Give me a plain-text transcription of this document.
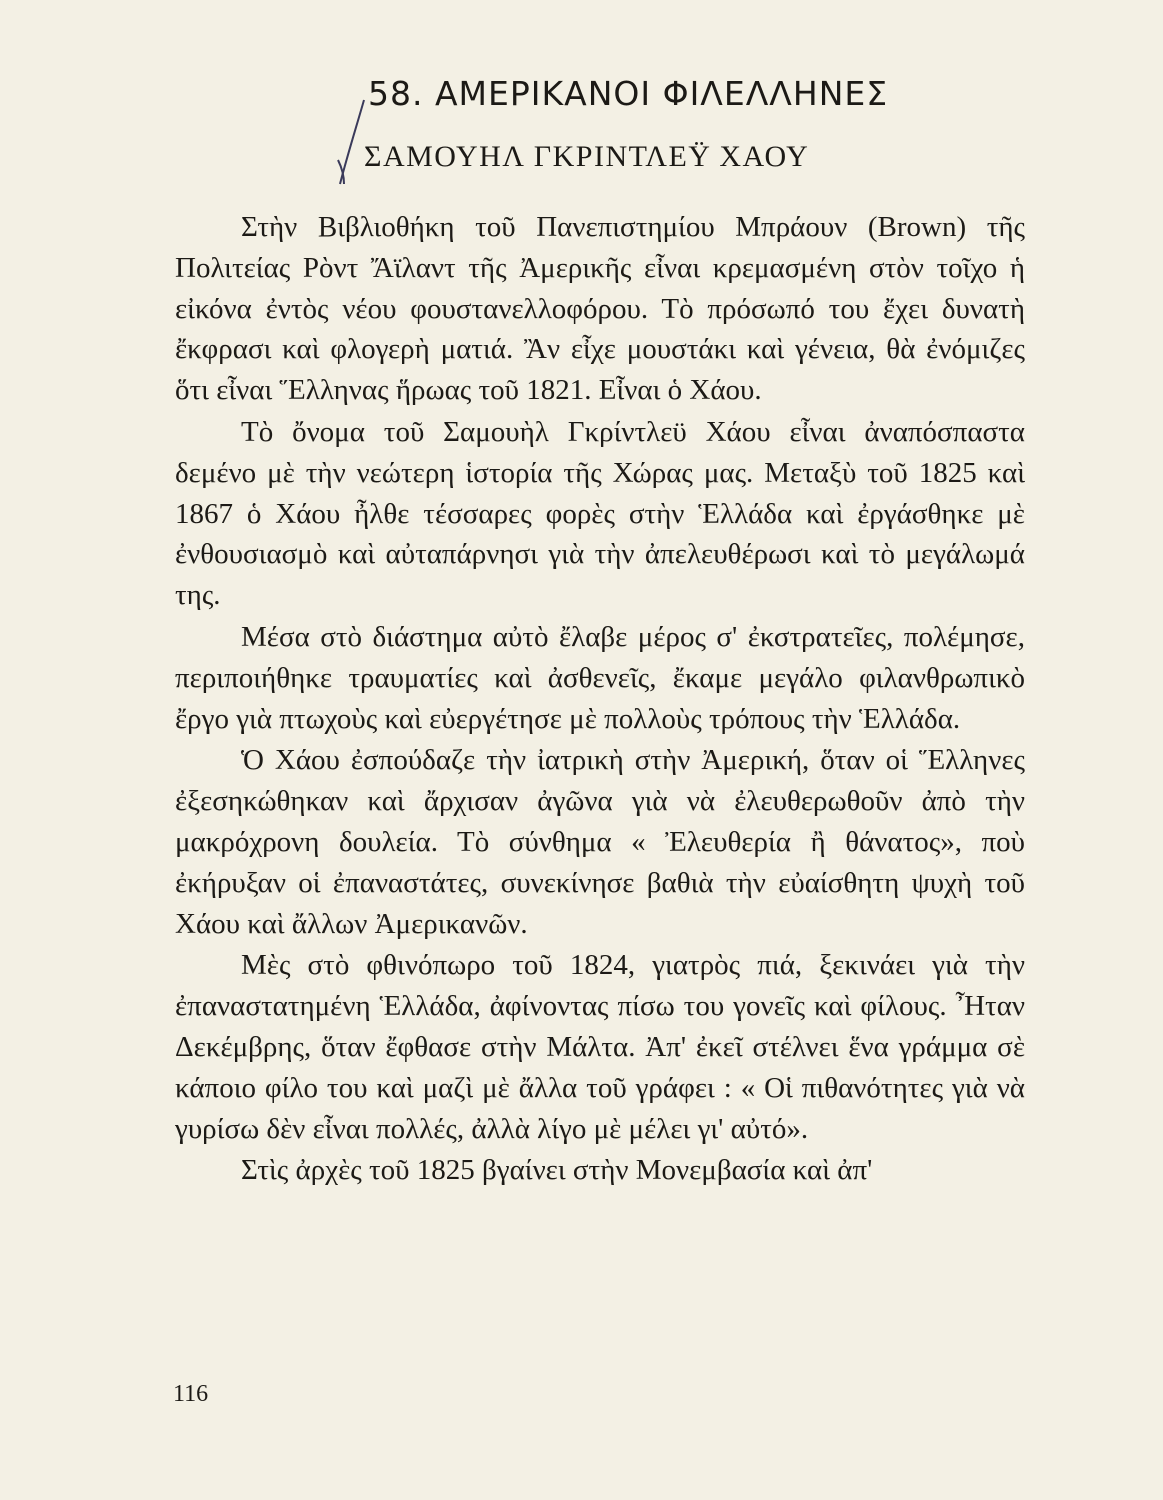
58. ΑΜΕΡΙΚΑΝΟΙ ΦΙΛΕΛΛΗΝΕΣ
ΣΑΜΟΥΗΛ ΓΚΡΙΝΤΛΕΫ ΧΑΟΥ

Στὴν Βιβλιοθήκη τοῦ Πανεπιστημίου Μπράουν (Brown) τῆς Πολιτείας Ρὸντ Ἄϊλαντ τῆς Ἀμερικῆς εἶναι κρεμασμένη στὸν τοῖχο ἡ εἰκόνα ἐντὸς νέου φουστανελλοφόρου. Τὸ πρόσωπό του ἔχει δυνατὴ ἔκφρασι καὶ φλογερὴ ματιά. Ἂν εἶχε μουστάκι καὶ γένεια, θὰ ἐνόμιζες ὅτι εἶναι Ἕλληνας ἥρωας τοῦ 1821. Εἶναι ὁ Χάου.

Τὸ ὄνομα τοῦ Σαμουὴλ Γκρίντλεϋ Χάου εἶναι ἀναπόσπαστα δεμένο μὲ τὴν νεώτερη ἱστορία τῆς Χώρας μας. Μεταξὺ τοῦ 1825 καὶ 1867 ὁ Χάου ἦλθε τέσσαρες φορὲς στὴν Ἑλλάδα καὶ ἐργάσθηκε μὲ ἐνθουσιασμὸ καὶ αὐταπάρνησι γιὰ τὴν ἀπελευθέρωσι καὶ τὸ μεγάλωμά της.

Μέσα στὸ διάστημα αὐτὸ ἔλαβε μέρος σ' ἐκστρατεῖες, πολέμησε, περιποιήθηκε τραυματίες καὶ ἀσθενεῖς, ἔκαμε μεγάλο φιλανθρωπικὸ ἔργο γιὰ πτωχοὺς καὶ εὐεργέτησε μὲ πολλοὺς τρόπους τὴν Ἑλλάδα.

Ὁ Χάου ἐσπούδαζε τὴν ἰατρικὴ στὴν Ἀμερική, ὅταν οἱ Ἕλληνες ἐξεσηκώθηκαν καὶ ἄρχισαν ἀγῶνα γιὰ νὰ ἐλευθερωθοῦν ἀπὸ τὴν μακρόχρονη δουλεία. Τὸ σύνθημα « Ἐλευθερία ἢ θάνατος», ποὺ ἐκήρυξαν οἱ ἐπαναστάτες, συνεκίνησε βαθιὰ τὴν εὐαίσθητη ψυχὴ τοῦ Χάου καὶ ἄλλων Ἀμερικανῶν.

Μὲς στὸ φθινόπωρο τοῦ 1824, γιατρὸς πιά, ξεκινάει γιὰ τὴν ἐπαναστατημένη Ἑλλάδα, ἀφίνοντας πίσω του γονεῖς καὶ φίλους. Ἦταν Δεκέμβρης, ὅταν ἔφθασε στὴν Μάλτα. Ἀπ' ἐκεῖ στέλνει ἕνα γράμμα σὲ κάποιο φίλο του καὶ μαζὶ μὲ ἄλλα τοῦ γράφει : « Οἱ πιθανότητες γιὰ νὰ γυρίσω δὲν εἶναι πολλές, ἀλλὰ λίγο μὲ μέλει γι' αὐτό».

Στὶς ἀρχὲς τοῦ 1825 βγαίνει στὴν Μονεμβασία καὶ ἀπ'

116
